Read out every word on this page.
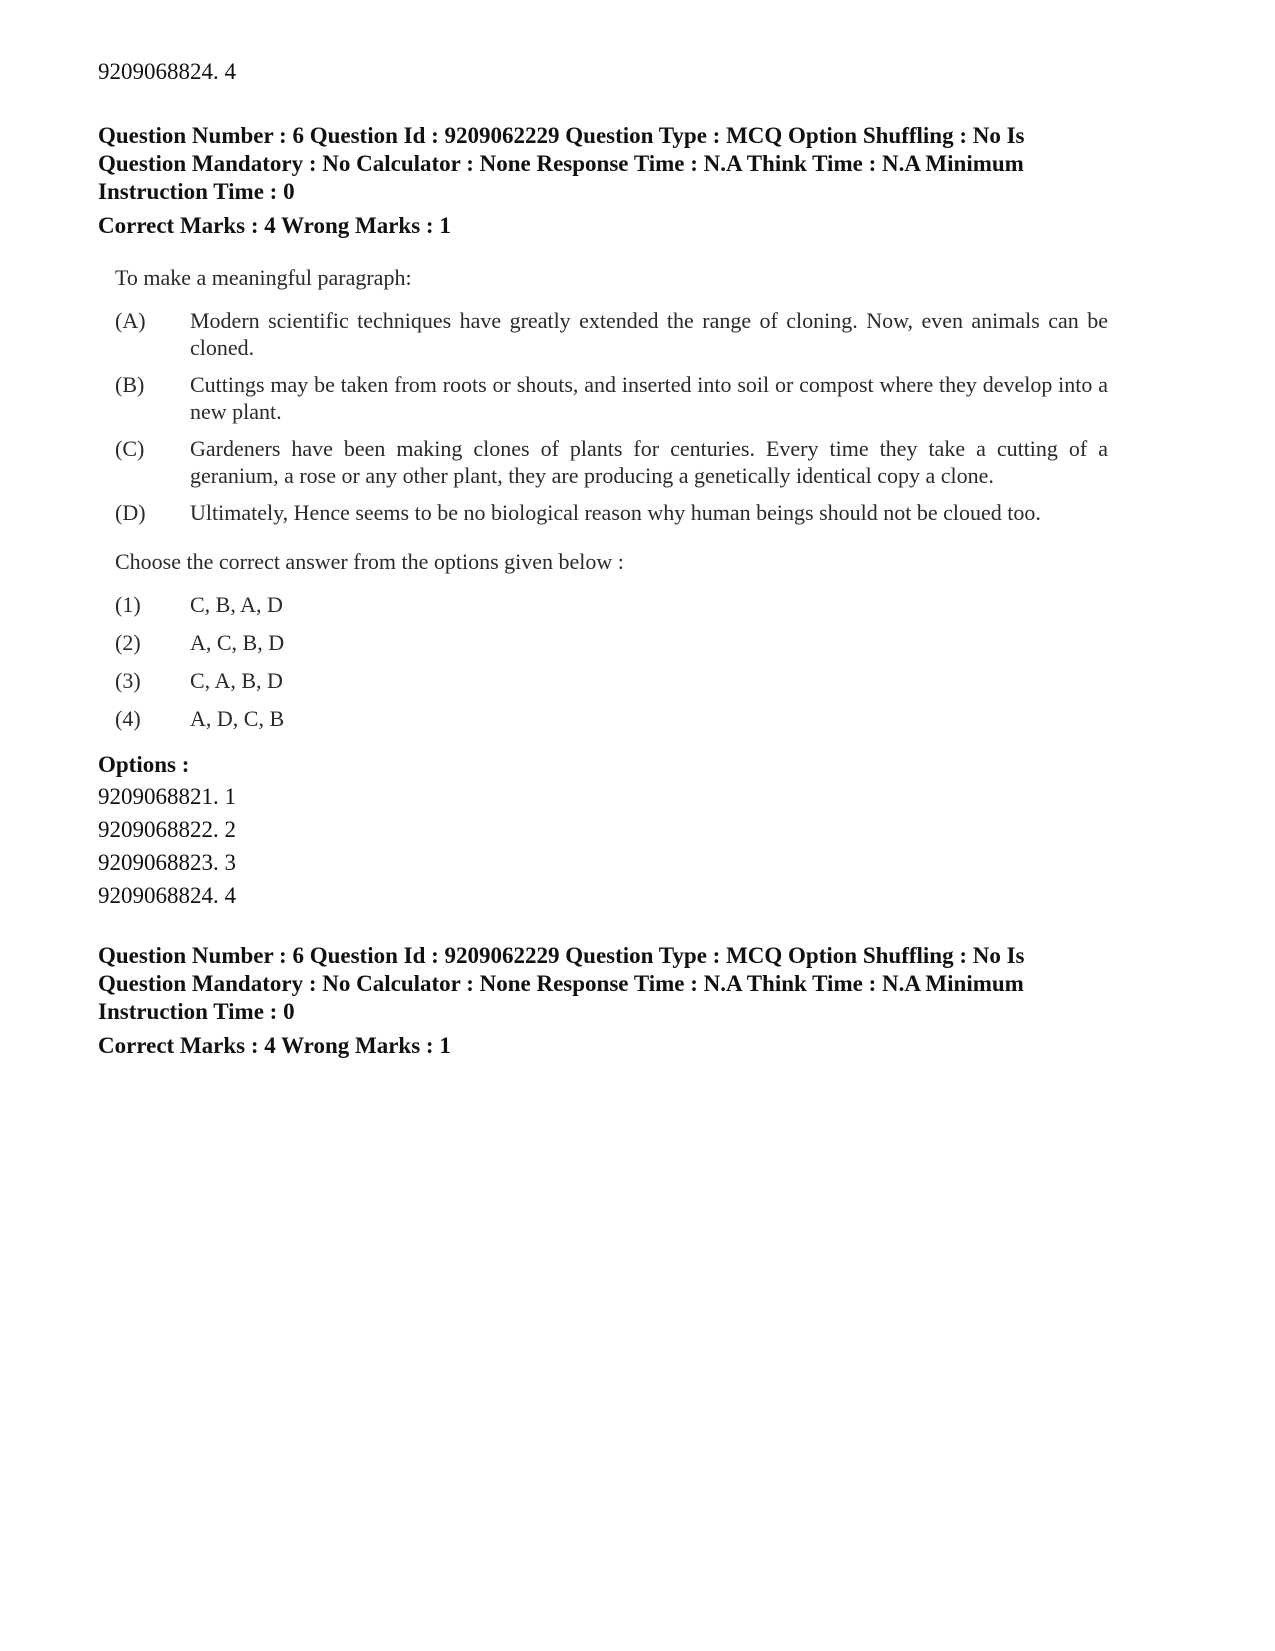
9209068824. 4
Question Number : 6 Question Id : 9209062229 Question Type : MCQ Option Shuffling : No Is
Question Mandatory : No Calculator : None Response Time : N.A Think Time : N.A Minimum
Instruction Time : 0
Correct Marks : 4 Wrong Marks : 1
To make a meaningful paragraph:
(A)	Modern scientific techniques have greatly extended the range of cloning. Now, even animals can be cloned.
(B)	Cuttings may be taken from roots or shouts, and inserted into soil or compost where they develop into a new plant.
(C)	Gardeners have been making clones of plants for centuries. Every time they take a cutting of a geranium, a rose or any other plant, they are producing a genetically identical copy a clone.
(D)	Ultimately, Hence seems to be no biological reason why human beings should not be cloued too.
Choose the correct answer from the options given below :
(1)	C, B, A, D
(2)	A, C, B, D
(3)	C, A, B, D
(4)	A, D, C, B
Options :
9209068821. 1
9209068822. 2
9209068823. 3
9209068824. 4
Question Number : 6 Question Id : 9209062229 Question Type : MCQ Option Shuffling : No Is
Question Mandatory : No Calculator : None Response Time : N.A Think Time : N.A Minimum
Instruction Time : 0
Correct Marks : 4 Wrong Marks : 1
